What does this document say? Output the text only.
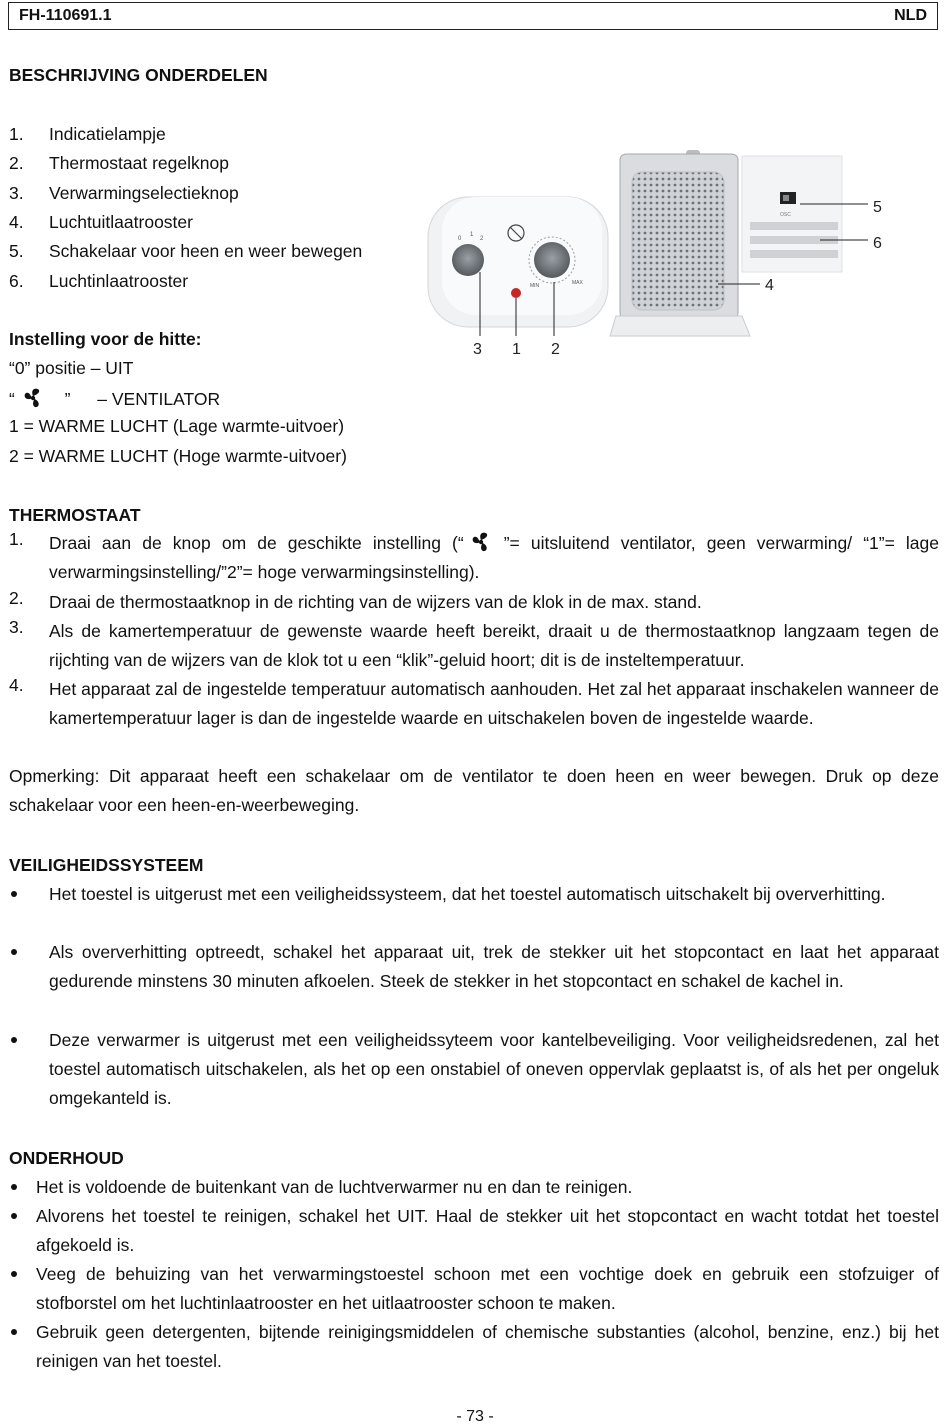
FH-110691.1	NLD
BESCHRIJVING ONDERDELEN
1. Indicatielampje
2. Thermostaat regelknop
3. Verwarmingselectieknop
4. Luchtuitlaatrooster
5. Schakelaar voor heen en weer bewegen
6. Luchtinlaatrooster
0
1
2
MIN	MAX
OSC
3 1 2
4
5
6
Instelling voor de hitte:
“0” positie – UIT
“	” – VENTILATOR
1 = WARME LUCHT (Lage warmte-uitvoer)
2 = WARME LUCHT (Hoge warmte-uitvoer)
THERMOSTAAT
1. Draai aan de knop om de geschikte instelling (“ ”= uitsluitend ventilator, geen verwarming/ “1”= lage verwarmingsinstelling/”2”= hoge verwarmingsinstelling).
2. Draai de thermostaatknop in de richting van de wijzers van de klok in de max. stand.
3. Als de kamertemperatuur de gewenste waarde heeft bereikt, draait u de thermostaatknop langzaam tegen de rijchting van de wijzers van de klok tot u een “klik”-geluid hoort; dit is de insteltemperatuur.
4. Het apparaat zal de ingestelde temperatuur automatisch aanhouden. Het zal het apparaat inschakelen wanneer de kamertemperatuur lager is dan de ingestelde waarde en uitschakelen boven de ingestelde waarde.
Opmerking: Dit apparaat heeft een schakelaar om de ventilator te doen heen en weer bewegen. Druk op deze schakelaar voor een heen-en-weerbeweging.
VEILIGHEIDSSYSTEEM
Het toestel is uitgerust met een veiligheidssysteem, dat het toestel automatisch uitschakelt bij oververhitting.
Als oververhitting optreedt, schakel het apparaat uit, trek de stekker uit het stopcontact en laat het apparaat gedurende minstens 30 minuten afkoelen. Steek de stekker in het stopcontact en schakel de kachel in.
Deze verwarmer is uitgerust met een veiligheidssyteem voor kantelbeveiliging. Voor veiligheidsredenen, zal het toestel automatisch uitschakelen, als het op een onstabiel of oneven oppervlak geplaatst is, of als het per ongeluk omgekanteld is.
ONDERHOUD
Het is voldoende de buitenkant van de luchtverwarmer nu en dan te reinigen.
Alvorens het toestel te reinigen, schakel het UIT. Haal de stekker uit het stopcontact en wacht totdat het toestel afgekoeld is.
Veeg de behuizing van het verwarmingstoestel schoon met een vochtige doek en gebruik een stofzuiger of stofborstel om het luchtinlaatrooster en het uitlaatrooster schoon te maken.
Gebruik geen detergenten, bijtende reinigingsmiddelen of chemische substanties (alcohol, benzine, enz.) bij het reinigen van het toestel.
- 73 -
